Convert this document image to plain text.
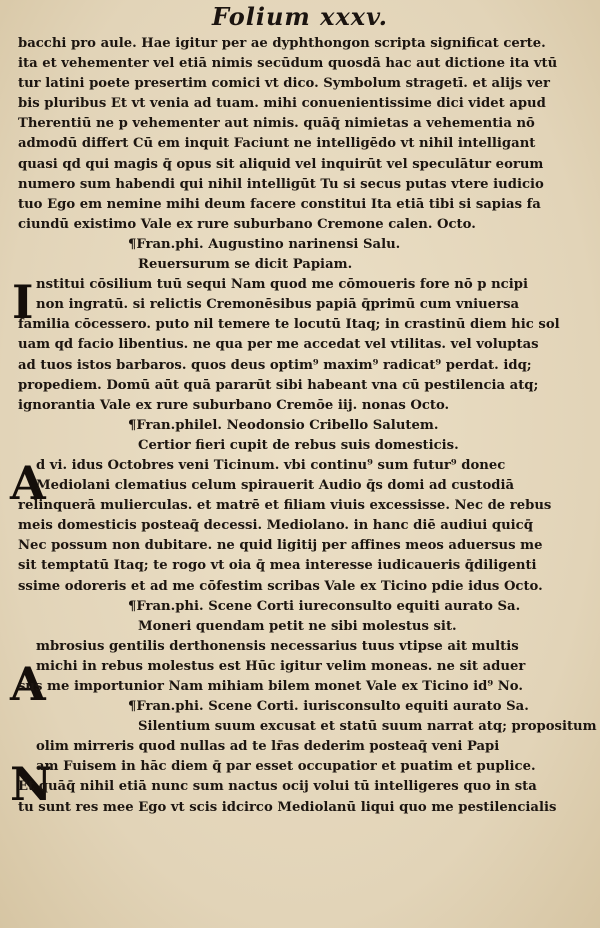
Folium xxxv.
I
A
A
N
bacchi pro aule. Hae igitur per ae dyphthongon scripta significat certe.
ita et vehementer vel etiā nimis secūdum quosdā hac aut dictione ita vtū
tur latini poete presertim comici vt dico. Symbolum stragetī. et alijs ver
bis pluribus Et vt venia ad tuam. mihi conuenientissime dici videt apud
Therentiū ne p vehementer aut nimis. quāq̄ nimietas a vehementia nō
admodū differt Cū em inquit Faciunt ne intelligēdo vt nihil intelligant
quasi qd qui magis q̄ opus sit aliquid vel inquirūt vel speculātur eorum
numero sum habendi qui nihil intelligūt Tu si secus putas vtere iudicio
tuo Ego em nemine mihi deum facere constitui Ita etiā tibi si sapias fa
ciundū existimo Vale ex rure suburbano Cremone calen. Octo.
¶Fran.phi. Augustino narinensi Salu.
Reuersurum se dicit Papiam.
nstitui cōsilium tuū sequi Nam quod me cōmoueris fore nō p ncipi
non ingratū. si relictis Cremonēsibus papiā q̄primū cum vniuersa
familia cōcessero. puto nil temere te locutū Itaq; in crastinū diem hic sol
uam qd facio libentius. ne qua per me accedat vel vtilitas. vel voluptas
ad tuos istos barbaros. quos deus optim⁹ maxim⁹ radicat⁹ perdat. idq;
propediem. Domū aūt quā pararūt sibi habeant vna cū pestilencia atq;
ignorantia Vale ex rure suburbano Cremōe iij. nonas Octo.
¶Fran.philel. Neodonsio Cribello Salutem.
Certior fieri cupit de rebus suis domesticis.
d vi. idus Octobres veni Ticinum. vbi continu⁹ sum futur⁹ donec
Mediolani clematius celum spirauerit Audio q̄s domi ad custodiā
relinquerā mulierculas. et matrē et filiam viuis excessisse. Nec de rebus
meis domesticis posteaq̄ decessi. Mediolano. in hanc diē audiui quicq̄
Nec possum non dubitare. ne quid ligitij per affines meos aduersus me
sit temptatū Itaq; te rogo vt oia q̄ mea interesse iudicaueris q̄diligenti
ssime odoreris et ad me cōfestim scribas Vale ex Ticino pdie idus Octo.
¶Fran.phi. Scene Corti iureconsulto equiti aurato Sa.
Moneri quendam petit ne sibi molestus sit.
mbrosius gentilis derthonensis necessarius tuus vtipse ait multis
michi in rebus molestus est Hūc igitur velim moneas. ne sit aduer
sus me importunior Nam mihiam bilem monet Vale ex Ticino id⁹ No.
¶Fran.phi. Scene Corti. iurisconsulto equiti aurato Sa.
Silentium suum excusat et statū suum narrat atq; propositum
olim mirreris quod nullas ad te lr̄as dederim posteaq̄ veni Papi
am Fuisem in hāc diem q̄ par esset occupatior et puatim et puplice.
Et quāq̄ nihil etiā nunc sum nactus ocij volui tū intelligeres quo in sta
tu sunt res mee Ego vt scis idcirco Mediolanū liqui quo me pestilencialis
